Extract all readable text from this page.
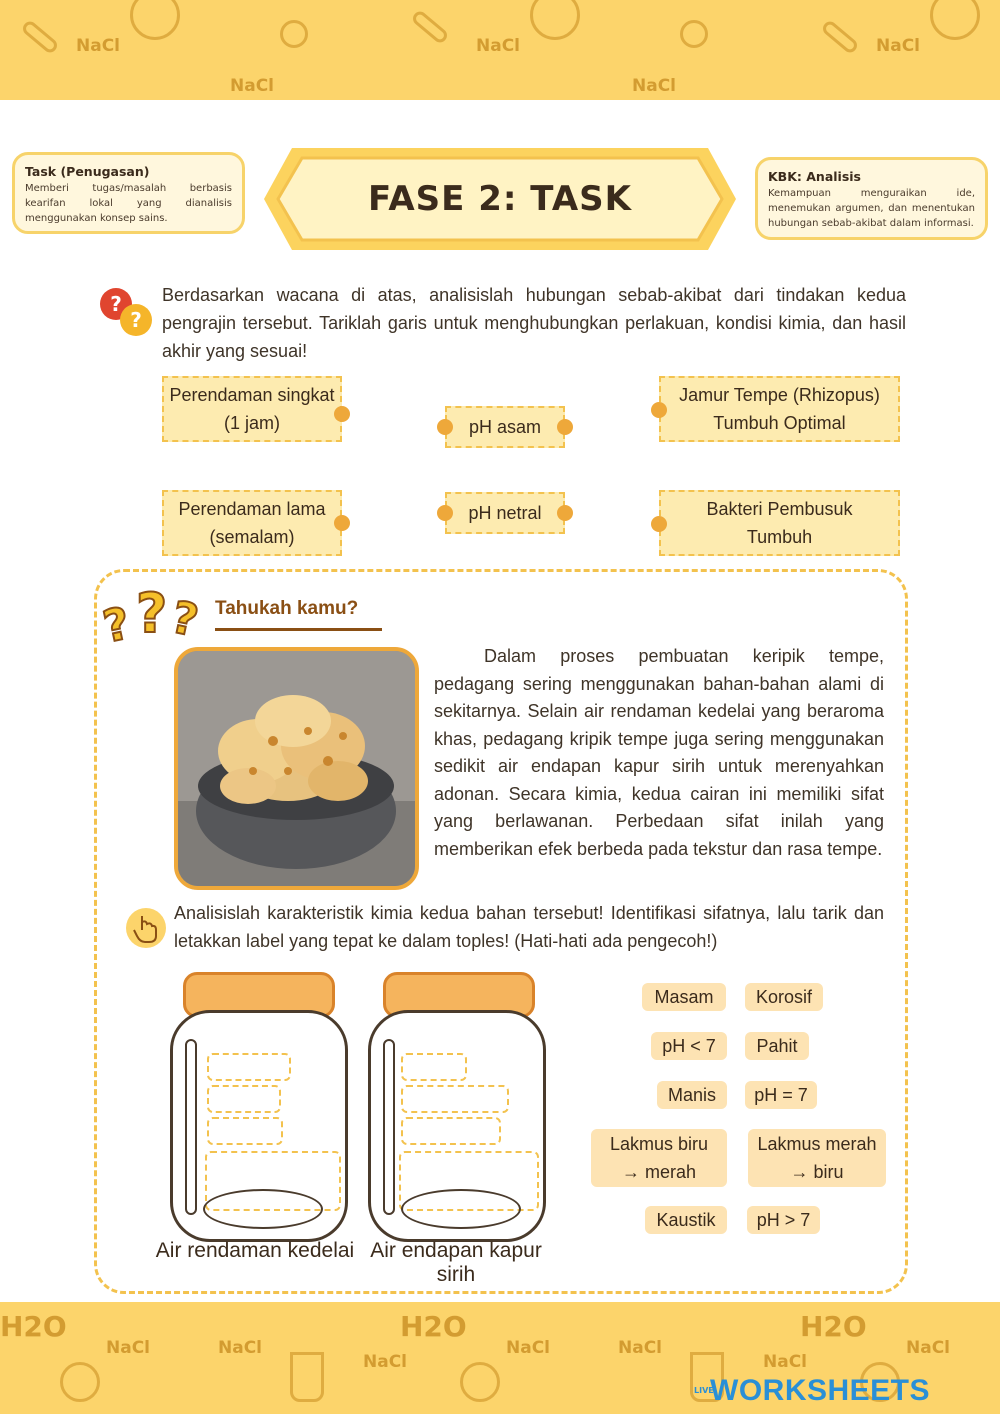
NaCl
NaCl
NaCl
NaCl
NaCl
Task (Penugasan)

Memberi tugas/masalah berbasis kearifan lokal yang dianalisis menggunakan konsep sains.	FASE 2: TASK
KBK: Analisis

Kemampuan menguraikan ide, menemukan argumen, dan menentukan hubungan sebab-akibat dalam informasi.

?
?
Berdasarkan wacana di atas, analisislah hubungan sebab-akibat dari tindakan kedua pengrajin tersebut. Tariklah garis untuk menghubungkan perlakuan, kondisi kimia, dan hasil akhir yang sesuai!
Perendaman singkat (1 jam)
Perendaman lama (semalam)
pH asam
pH netral
Jamur Tempe (Rhizopus) Tumbuh Optimal
Bakteri Pembusuk Tumbuh
? ? ? Tahukah kamu?
Dalam proses pembuatan keripik tempe, pedagang sering menggunakan bahan-bahan alami di sekitarnya. Selain air rendaman kedelai yang beraroma khas, pedagang kripik tempe juga sering menggunakan sedikit air endapan kapur sirih untuk merenyahkan adonan. Secara kimia, kedua cairan ini memiliki sifat yang berlawanan. Perbedaan sifat inilah yang memberikan efek berbeda pada tekstur dan rasa tempe.
Analisislah karakteristik kimia kedua bahan tersebut! Identifikasi sifatnya, lalu tarik dan letakkan label yang tepat ke dalam toples! (Hati-hati ada pengecoh!)
Air rendaman kedelai Air endapan kapur sirih
Masam	Korosif
pH < 7	Pahit
Manis	pH = 7
Lakmus biru → merah
Lakmus merah → biru
Kaustik	pH > 7
H2O	H2O	H2O
NaCl	NaCl
NaCl
NaCl	NaCl
NaCl
NaCl
LIVE
WORKSHEETS
